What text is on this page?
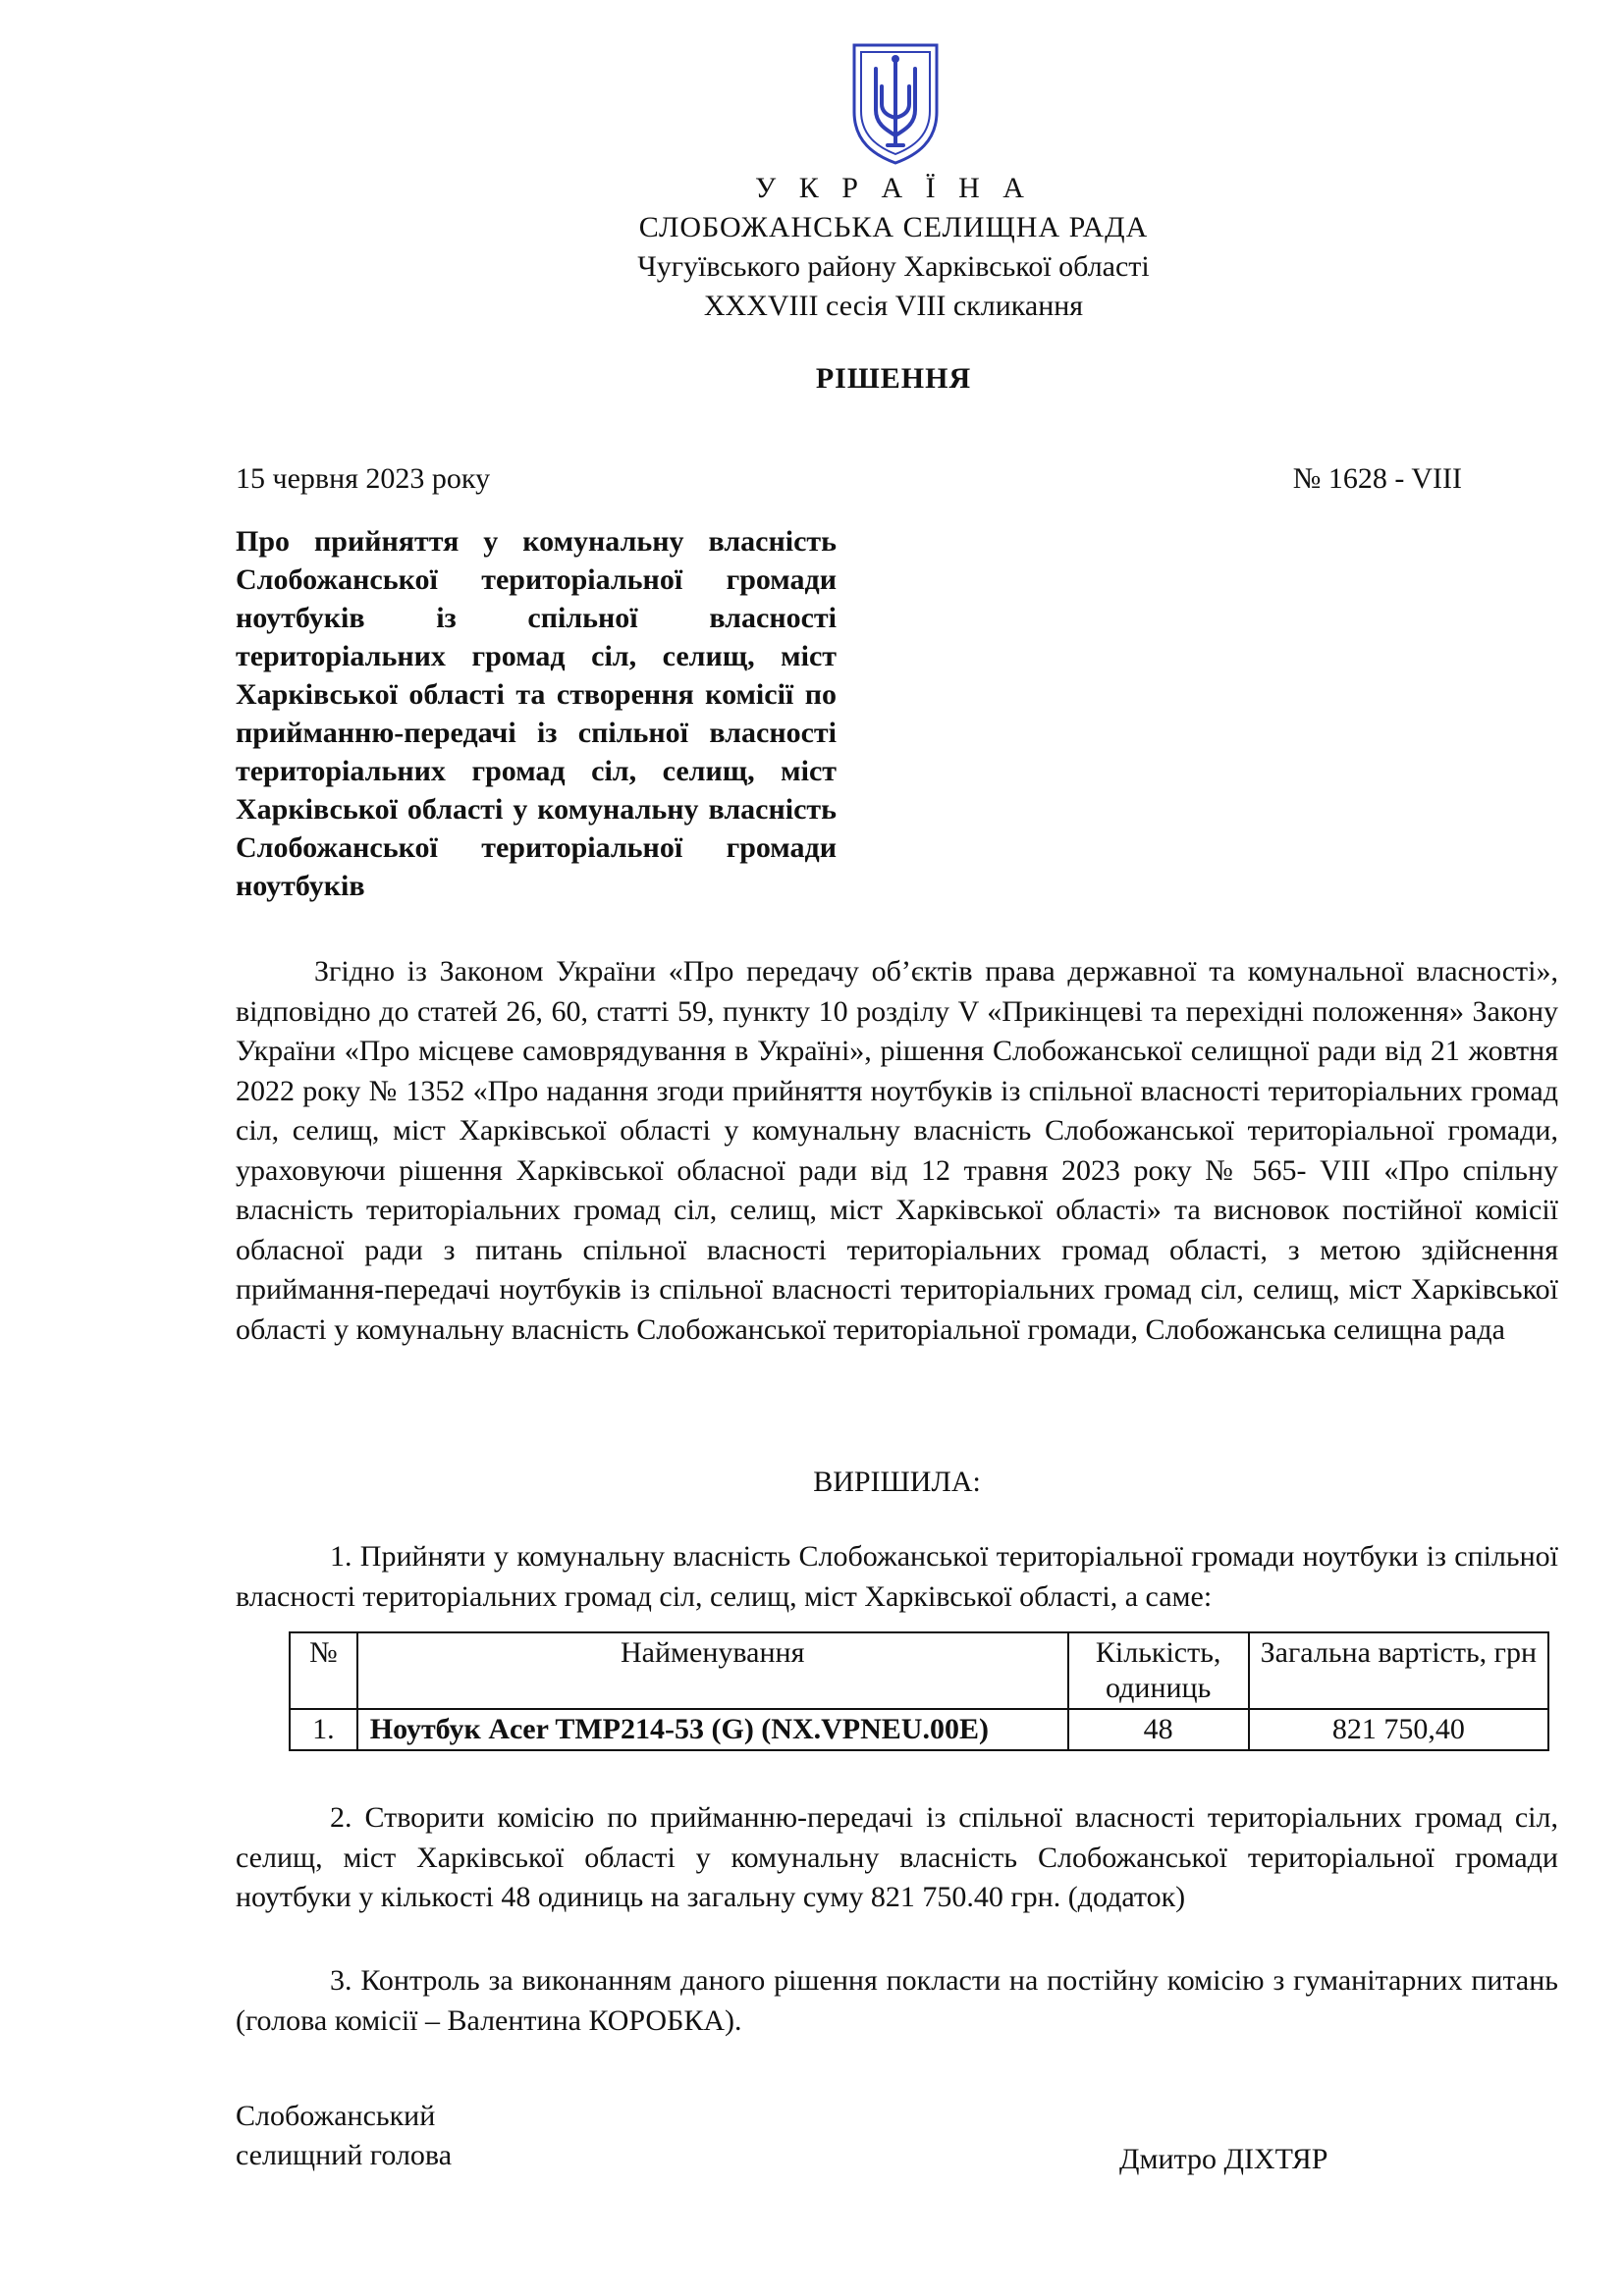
У К Р А Ї Н А
СЛОБОЖАНСЬКА СЕЛИЩНА РАДА
Чугуївського району Харківської області
XXXVIII сесія VIII скликання
РІШЕННЯ
15 червня 2023 року	№ 1628 - VIII
Про прийняття у комунальну власність Слобожанської територіальної громади ноутбуків із спільної власності територіальних громад сіл, селищ, міст Харківської області та створення комісії по прийманню-передачі із спільної власності територіальних громад сіл, селищ, міст Харківської області у комунальну власність Слобожанської територіальної громади ноутбуків
Згідно із Законом України «Про передачу об’єктів права державної та комунальної власності», відповідно до статей 26, 60, статті 59, пункту 10 розділу V «Прикінцеві та перехідні положення» Закону України «Про місцеве самоврядування в Україні», рішення Слобожанської селищної ради від 21 жовтня 2022 року № 1352 «Про надання згоди прийняття ноутбуків із спільної власності територіальних громад сіл, селищ, міст Харківської області у комунальну власність Слобожанської територіальної громади, ураховуючи рішення Харківської обласної ради від 12 травня 2023 року № 565- VIII «Про спільну власність територіальних громад сіл, селищ, міст Харківської області» та висновок постійної комісії обласної ради з питань спільної власності територіальних громад області, з метою здійснення приймання-передачі ноутбуків із спільної власності територіальних громад сіл, селищ, міст Харківської області у комунальну власність Слобожанської територіальної громади, Слобожанська селищна рада
ВИРІШИЛА:
1. Прийняти у комунальну власність Слобожанської територіальної громади ноутбуки із спільної власності територіальних громад сіл, селищ, міст Харківської області, а саме:
№	Найменування	Кількість, одиниць	Загальна вартість, грн
1.	Ноутбук Acer TMP214-53 (G) (NX.VPNEU.00E)	48	821 750,40
2. Створити комісію по прийманню-передачі із спільної власності територіальних громад сіл, селищ, міст Харківської області у комунальну власність Слобожанської територіальної громади ноутбуки у кількості 48 одиниць на загальну суму 821 750.40 грн. (додаток)
3. Контроль за виконанням даного рішення покласти на постійну комісію з гуманітарних питань (голова комісії – Валентина КОРОБКА).
Слобожанський
селищний голова	Дмитро ДІХТЯР
